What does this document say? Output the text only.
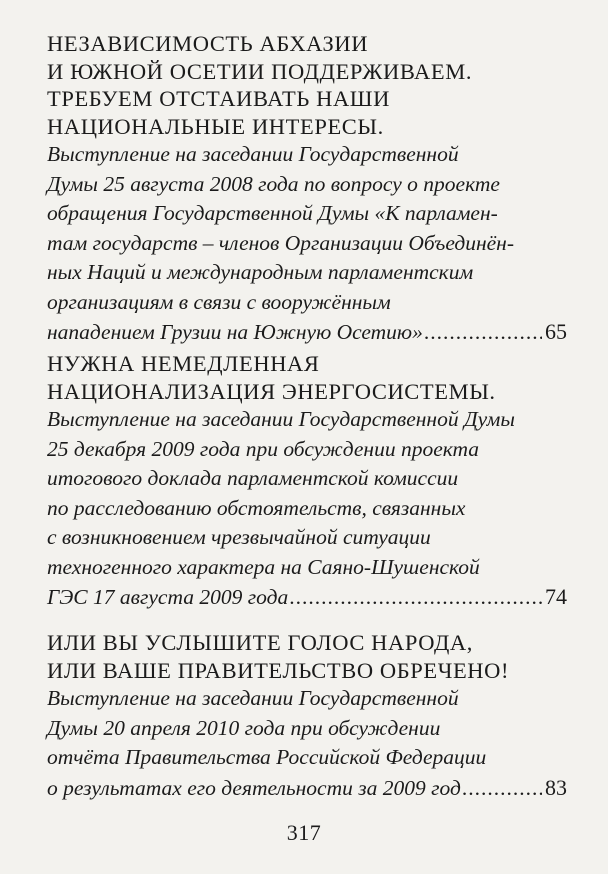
НЕЗАВИСИМОСТЬ АБХАЗИИ
И ЮЖНОЙ ОСЕТИИ ПОДДЕРЖИВАЕМ.
ТРЕБУЕМ ОТСТАИВАТЬ НАШИ
НАЦИОНАЛЬНЫЕ ИНТЕРЕСЫ.
Выступление на заседании Государственной
Думы 25 августа 2008 года по вопросу о проекте
обращения Государственной Думы «К парламен-
там государств – членов Организации Объединён-
ных Наций и международным парламентским
организациям в связи с вооружённым
нападением Грузии на Южную Осетию» .....	65
НУЖНА НЕМЕДЛЕННАЯ
НАЦИОНАЛИЗАЦИЯ ЭНЕРГОСИСТЕМЫ.
Выступление на заседании Государственной Думы
25 декабря 2009 года при обсуждении проекта
итогового доклада парламентской комиссии
по расследованию обстоятельств, связанных
с возникновением чрезвычайной ситуации
техногенного характера на Саяно-Шушенской
ГЭС 17 августа 2009 года .....	74
ИЛИ ВЫ УСЛЫШИТЕ ГОЛОС НАРОДА,
ИЛИ ВАШЕ ПРАВИТЕЛЬСТВО ОБРЕЧЕНО!
Выступление на заседании Государственной
Думы 20 апреля 2010 года при обсуждении
отчёта Правительства Российской Федерации
о результатах его деятельности за 2009 год .....	83
317
